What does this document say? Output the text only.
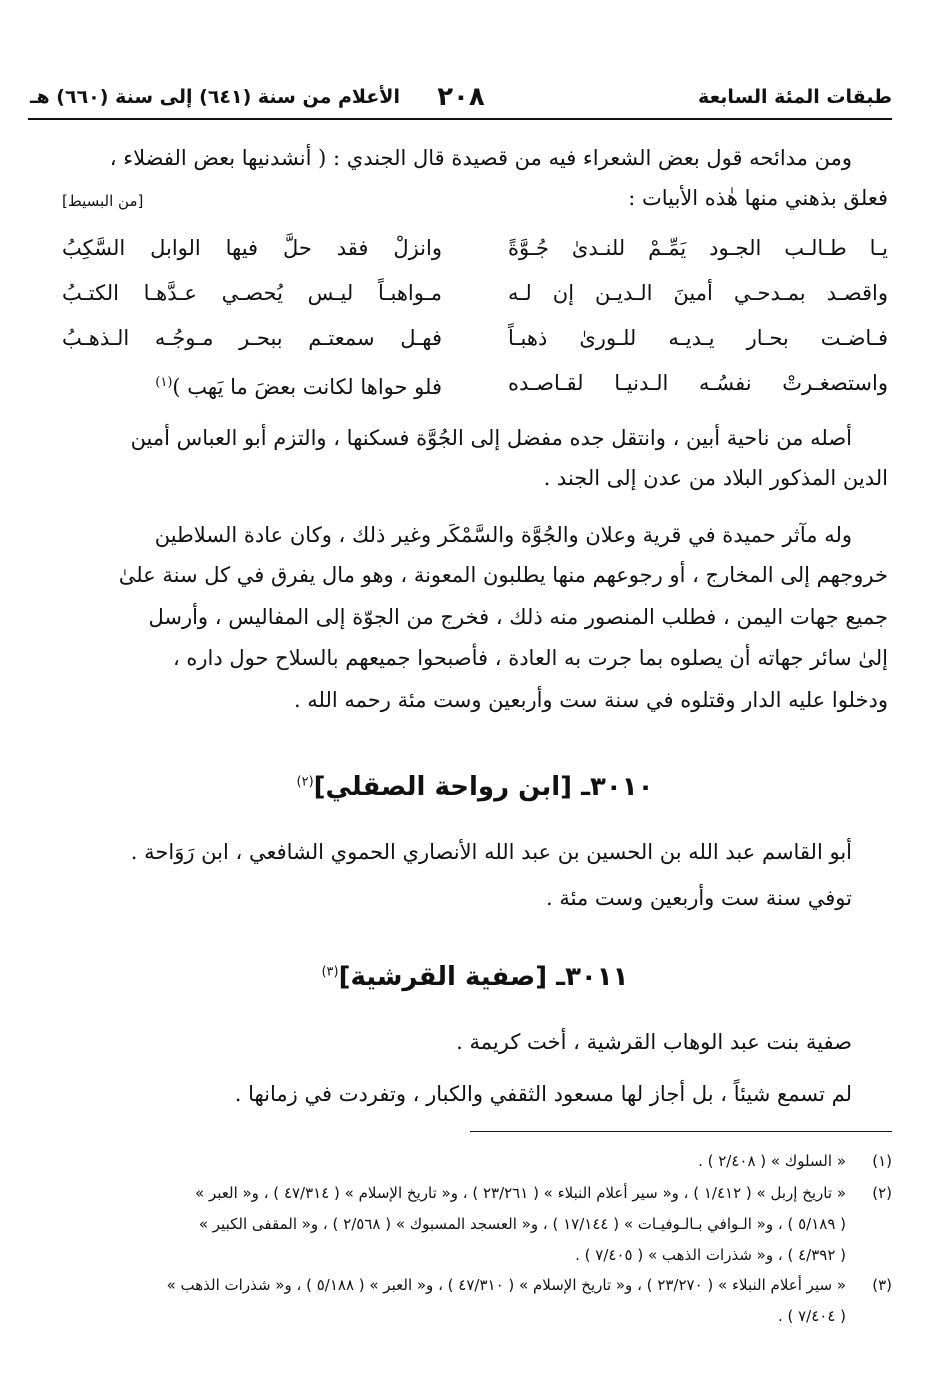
طبقات المئة السابعة
٢٠٨
الأعلام من سنة (٦٤١) إلى سنة (٦٦٠) هـ
ومن مدائحه قول بعض الشعراء فيه من قصيدة قال الجندي : ( أنشدنيها بعض الفضلاء ،
فعلق بذهني منها هٰذه الأبيات :
[من البسيط]
يـا طـالـب الجـود يَمِّـمْ للنـدىٰ جُـوَّةً
وانزلْ فقد حلَّ فيها الوابل السَّكِبُ
واقصـد بمـدحـي أمينَ الـديـن إن لـه
مـواهبـاً ليـس يُحصـي عـدَّهـا الكتـبُ
فـاضـت بحـار يـديـه للـورىٰ ذهبـاً
فهـل سمعتـم ببحـر مـوجُـه الـذهـبُ
واستصغـرتْ نفسُـه الـدنيـا لقـاصـده
فلو حواها لكانت بعضَ ما يَهب )$^{(١)}$
أصله من ناحية أبين ، وانتقل جده مفضل إلى الجُوَّة فسكنها ، والتزم أبو العباس أمين
الدين المذكور البلاد من عدن إلى الجند .
وله مآثر حميدة في قرية وعلان والجُوَّة والسَّمْكَر وغير ذلك ، وكان عادة السلاطين
خروجهم إلى المخارج ، أو رجوعهم منها يطلبون المعونة ، وهو مال يفرق في كل سنة علىٰ
جميع جهات اليمن ، فطلب المنصور منه ذلك ، فخرج من الجوّة إلى المفاليس ، وأرسل
إلىٰ سائر جهاته أن يصلوه بما جرت به العادة ، فأصبحوا جميعهم بالسلاح حول داره ،
ودخلوا عليه الدار وقتلوه في سنة ست وأربعين وست مئة رحمه الله .
٣٠١٠ـ [ابن رواحة الصقلي]$^{(٢)}$
أبو القاسم عبد الله بن الحسين بن عبد الله الأنصاري الحموي الشافعي ، ابن رَوَاحة .
توفي سنة ست وأربعين وست مئة .
٣٠١١ـ [صفية القرشية]$^{(٣)}$
صفية بنت عبد الوهاب القرشية ، أخت كريمة .
لم تسمع شيئاً ، بل أجاز لها مسعود الثقفي والكبار ، وتفردت في زمانها .
(١)
« السلوك » ( ٢/٤٠٨ ) .
(٢)
« تاريخ إربل » ( ١/٤١٢ ) ، و« سير أعلام النبلاء » ( ٢٣/٢٦١ ) ، و« تاريخ الإسلام » ( ٤٧/٣١٤ ) ، و« العبر »
( ٥/١٨٩ ) ، و« الـوافي بـالـوفيـات » ( ١٧/١٤٤ ) ، و« العسجد المسبوك » ( ٢/٥٦٨ ) ، و« المقفى الكبير »
( ٤/٣٩٢ ) ، و« شذرات الذهب » ( ٧/٤٠٥ ) .
(٣)
« سير أعلام النبلاء » ( ٢٣/٢٧٠ ) ، و« تاريخ الإسلام » ( ٤٧/٣١٠ ) ، و« العبر » ( ٥/١٨٨ ) ، و« شذرات الذهب »
( ٧/٤٠٤ ) .
